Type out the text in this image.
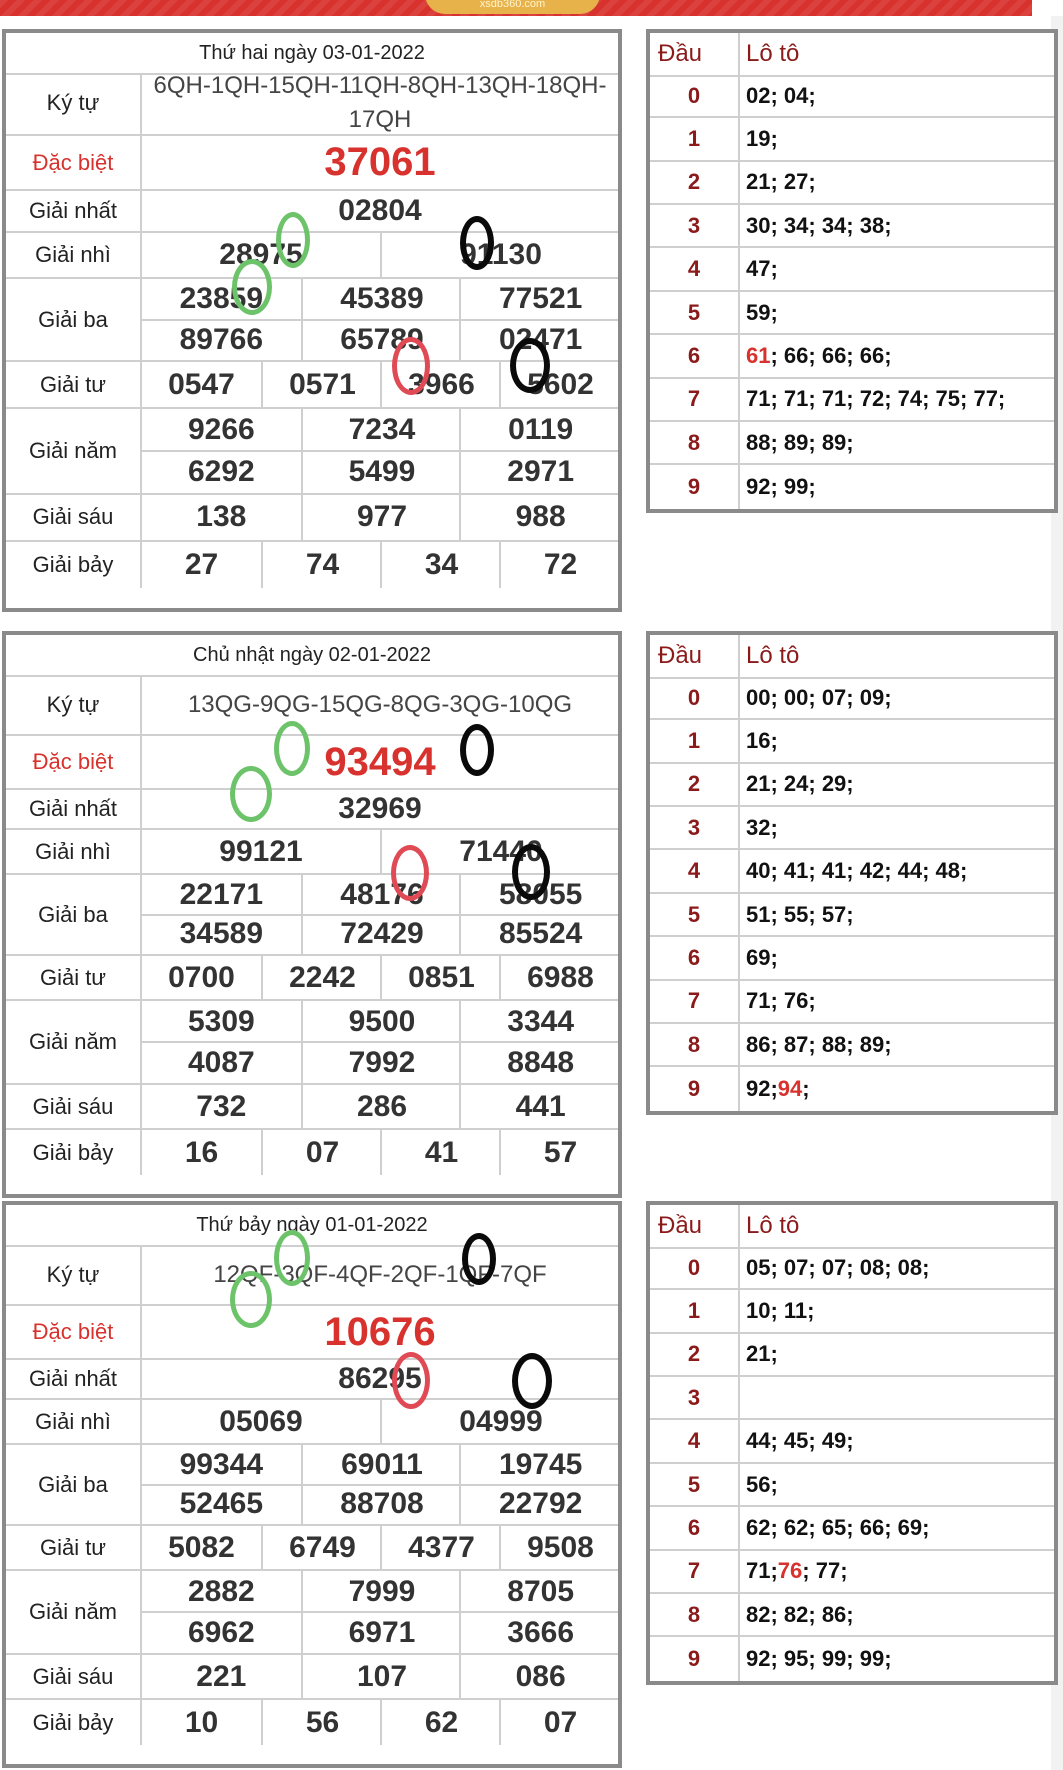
xsdb360.com
Thứ hai ngày 03-01-2022
Ký tự
6QH-1QH-15QH-11QH-8QH-13QH-18QH-17QH
Đặc biệt	37061
Giải nhất	02804
Giải nhì	28975	91130
Giải ba
23859	45389	77521
89766	65789	02471
Giải tư	0547	0571	3966	5602
Giải năm
9266	7234	0119
6292	5499	2971
Giải sáu	138	977	988
Giải bảy	27	74	34	72
Đầu	Lô tô
0	02; 04;
1	19;
2	21; 27;
3	30; 34; 34; 38;
4	47;
5	59;
6	61 ; 66; 66; 66;
7	71; 71; 71; 72; 74; 75; 77;
8	88; 89; 89;
9	92; 99;
Chủ nhật ngày 02-01-2022
Ký tự	13QG-9QG-15QG-8QG-3QG-10QG
Đặc biệt	93494
Giải nhất	32969
Giải nhì	99121	71440
Giải ba
22171	48176	58055
34589	72429	85524
Giải tư	0700	2242	0851	6988
Giải năm
5309	9500	3344
4087	7992	8848
Giải sáu	732	286	441
Giải bảy	16	07	41	57
Đầu	Lô tô
0	00; 00; 07; 09;
1	16;
2	21; 24; 29;
3	32;
4	40; 41; 41; 42; 44; 48;
5	51; 55; 57;
6	69;
7	71; 76;
8	86; 87; 88; 89;
9	92; 94 ;
Thứ bảy ngày 01-01-2022
Ký tự	12QF-3QF-4QF-2QF-1QF-7QF
Đặc biệt	10676
Giải nhất	86295
Giải nhì	05069	04999
Giải ba
99344	69011	19745
52465	88708	22792
Giải tư	5082	6749	4377	9508
Giải năm
2882	7999	8705
6962	6971	3666
Giải sáu	221	107	086
Giải bảy	10	56	62	07
Đầu	Lô tô
0	05; 07; 07; 08; 08;
1	10; 11;
2	21;
3
4	44; 45; 49;
5	56;
6	62; 62; 65; 66; 69;
7	71; 76 ; 77;
8	82; 82; 86;
9	92; 95; 99; 99;
